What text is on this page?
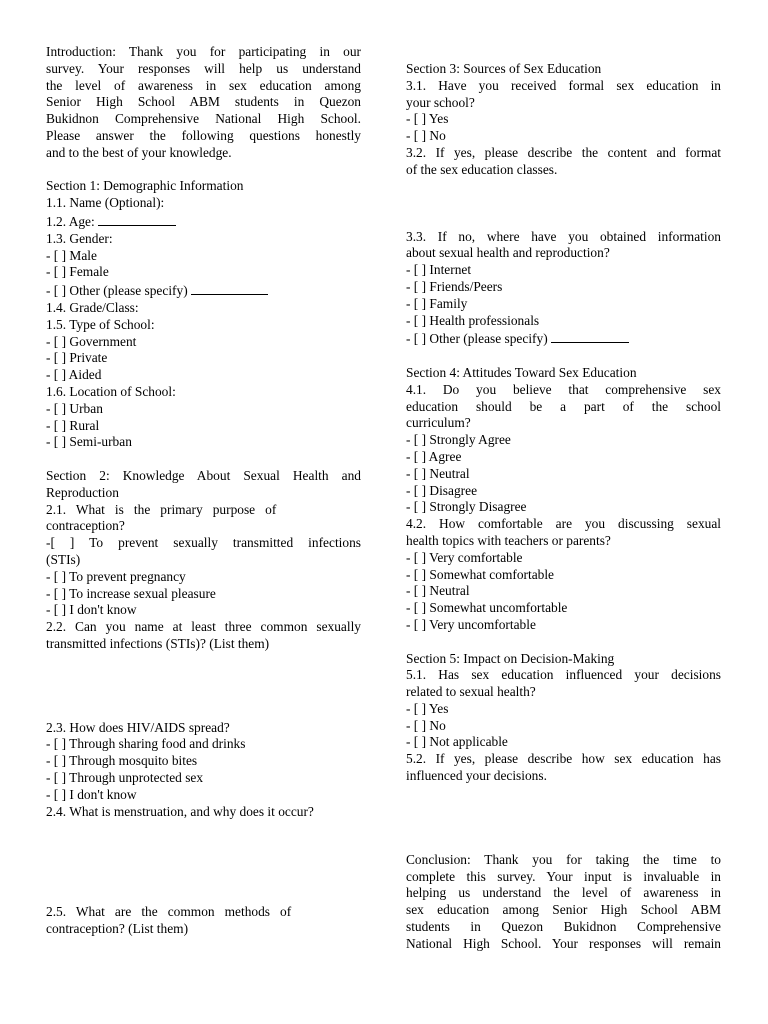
Introduction: Thank you for participating in our
survey. Your responses will help us understand
the level of awareness in sex education among
Senior High School ABM students in Quezon
Bukidnon Comprehensive National High School.
Please answer the following questions honestly
and to the best of your knowledge.
Section 1: Demographic Information
1.1. Name (Optional):
1.2. Age:
1.3. Gender:
- [ ] Male
- [ ] Female
- [ ] Other (please specify)
1.4. Grade/Class:
1.5. Type of School:
- [ ] Government
- [ ] Private
- [ ] Aided
1.6. Location of School:
- [ ] Urban
- [ ] Rural
- [ ] Semi-urban
Section 2: Knowledge About Sexual Health and
Reproduction
2.1.   What   is   the   primary   purpose   of
contraception?
-[ ] To prevent sexually transmitted infections
(STIs)
- [ ] To prevent pregnancy
- [ ] To increase sexual pleasure
- [ ] I don't know
2.2. Can you name at least three common sexually
transmitted infections (STIs)? (List them)
2.3. How does HIV/AIDS spread?
- [ ] Through sharing food and drinks
- [ ] Through mosquito bites
- [ ] Through unprotected sex
- [ ] I don't know
2.4. What is menstruation, and why does it occur?
2.5.   What   are   the   common   methods   of
contraception? (List them)
Section 3: Sources of Sex Education
3.1. Have you received formal sex education in
your school?
- [ ] Yes
- [ ] No
3.2. If yes, please describe the content and format
of the sex education classes.
3.3. If no, where have you obtained information
about sexual health and reproduction?
- [ ] Internet
- [ ] Friends/Peers
- [ ] Family
- [ ] Health professionals
- [ ] Other (please specify)
Section 4: Attitudes Toward Sex Education
4.1. Do you believe that comprehensive sex
education should be a part of the school
curriculum?
- [ ] Strongly Agree
- [ ] Agree
- [ ] Neutral
- [ ] Disagree
- [ ] Strongly Disagree
4.2. How comfortable are you discussing sexual
health topics with teachers or parents?
- [ ] Very comfortable
- [ ] Somewhat comfortable
- [ ] Neutral
- [ ] Somewhat uncomfortable
- [ ] Very uncomfortable
Section 5: Impact on Decision-Making
5.1. Has sex education influenced your decisions
related to sexual health?
- [ ] Yes
- [ ] No
- [ ] Not applicable
5.2. If yes, please describe how sex education has
influenced your decisions.
Conclusion: Thank you for taking the time to
complete this survey. Your input is invaluable in
helping us understand the level of awareness in
sex education among Senior High School ABM
students in Quezon Bukidnon Comprehensive
National High School. Your responses will remain
